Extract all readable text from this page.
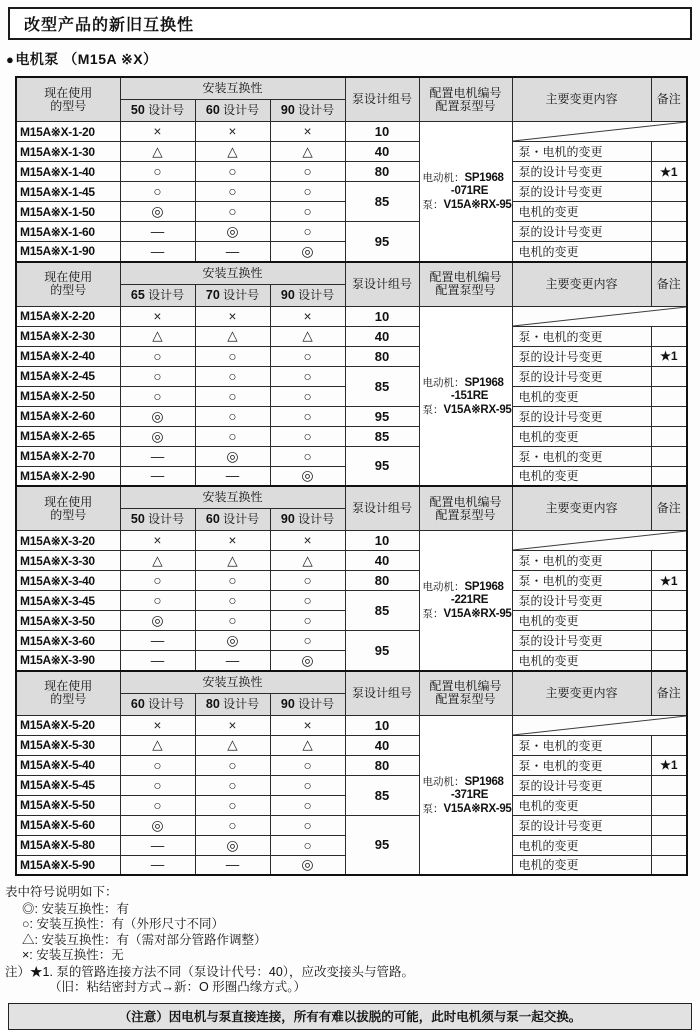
改型产品的新旧互换性
●电机泵 （M15A ※X）
现在使用
的型号
	安装互换性	泵设计组号	配置电机编号
配置泵型号	主要变更内容	备注
	50 设计号	60 设计号	90 设计号				
M15A※X-1-20	×	×	×	10	电动机：SP1968
-071RE
泵：V15A※RX-95

M15A※X-1-30	△	△	△	40		泵・电机的变更	
M15A※X-1-40	○	○	○	80		泵的设计号变更	★1
M15A※X-1-45	○	○	○	85		泵的设计号变更	
M15A※X-1-50	◎	○	○			电机的变更	
M15A※X-1-60	—	◎	○	95		泵的设计号变更	
M15A※X-1-90	—	—	◎			电机的变更	

现在使用
的型号
	安装互换性	泵设计组号	配置电机编号
配置泵型号	主要变更内容	备注
	65 设计号	70 设计号	90 设计号				
M15A※X-2-20	×	×	×	10	电动机：SP1968
-151RE
泵：V15A※RX-95

M15A※X-2-30	△	△	△	40		泵・电机的变更	
M15A※X-2-40	○	○	○	80		泵的设计号变更	★1
M15A※X-2-45	○	○	○	85		泵的设计号变更	
M15A※X-2-50	○	○	○			电机的变更	
M15A※X-2-60	◎	○	○	95		泵的设计号变更	
M15A※X-2-65	◎	○	○	85		电机的变更	
M15A※X-2-70	—	◎	○	95		泵・电机的变更	
M15A※X-2-90	—	—	◎			电机的变更	

现在使用
的型号
	安装互换性	泵设计组号	配置电机编号
配置泵型号	主要变更内容	备注
	50 设计号	60 设计号	90 设计号				
M15A※X-3-20	×	×	×	10	电动机：SP1968
-221RE
泵：V15A※RX-95

M15A※X-3-30	△	△	△	40		泵・电机的变更	
M15A※X-3-40	○	○	○	80		泵・电机的变更	★1
M15A※X-3-45	○	○	○	85		泵的设计号变更	
M15A※X-3-50	◎	○	○			电机的变更	
M15A※X-3-60	—	◎	○	95		泵的设计号变更	
M15A※X-3-90	—	—	◎			电机的变更	

现在使用
的型号
	安装互换性	泵设计组号	配置电机编号
配置泵型号	主要变更内容	备注
	60 设计号	80 设计号	90 设计号				
M15A※X-5-20	×	×	×	10	电动机：SP1968
-371RE
泵：V15A※RX-95

M15A※X-5-30	△	△	△	40		泵・电机的变更	
M15A※X-5-40	○	○	○	80		泵・电机的变更	★1
M15A※X-5-45	○	○	○	85		泵的设计号变更	
M15A※X-5-50	○	○	○			电机的变更	
M15A※X-5-60	◎	○	○	95		泵的设计号变更	
M15A※X-5-80	—	◎	○			电机的变更	
M15A※X-5-90	—	—	◎			电机的变更	
表中符号说明如下：
◎: 安装互换性：有
○: 安装互换性：有（外形尺寸不同）
△: 安装互换性：有（需对部分管路作调整）
×: 安装互换性：无
注）★1. 泵的管路连接方法不同（泵设计代号：40），应改变接头与管路。
（旧：粘结密封方式→新：O 形圈凸缘方式。）
（注意）因电机与泵直接连接，所有有难以拔脱的可能，此时电机须与泵一起交换。
